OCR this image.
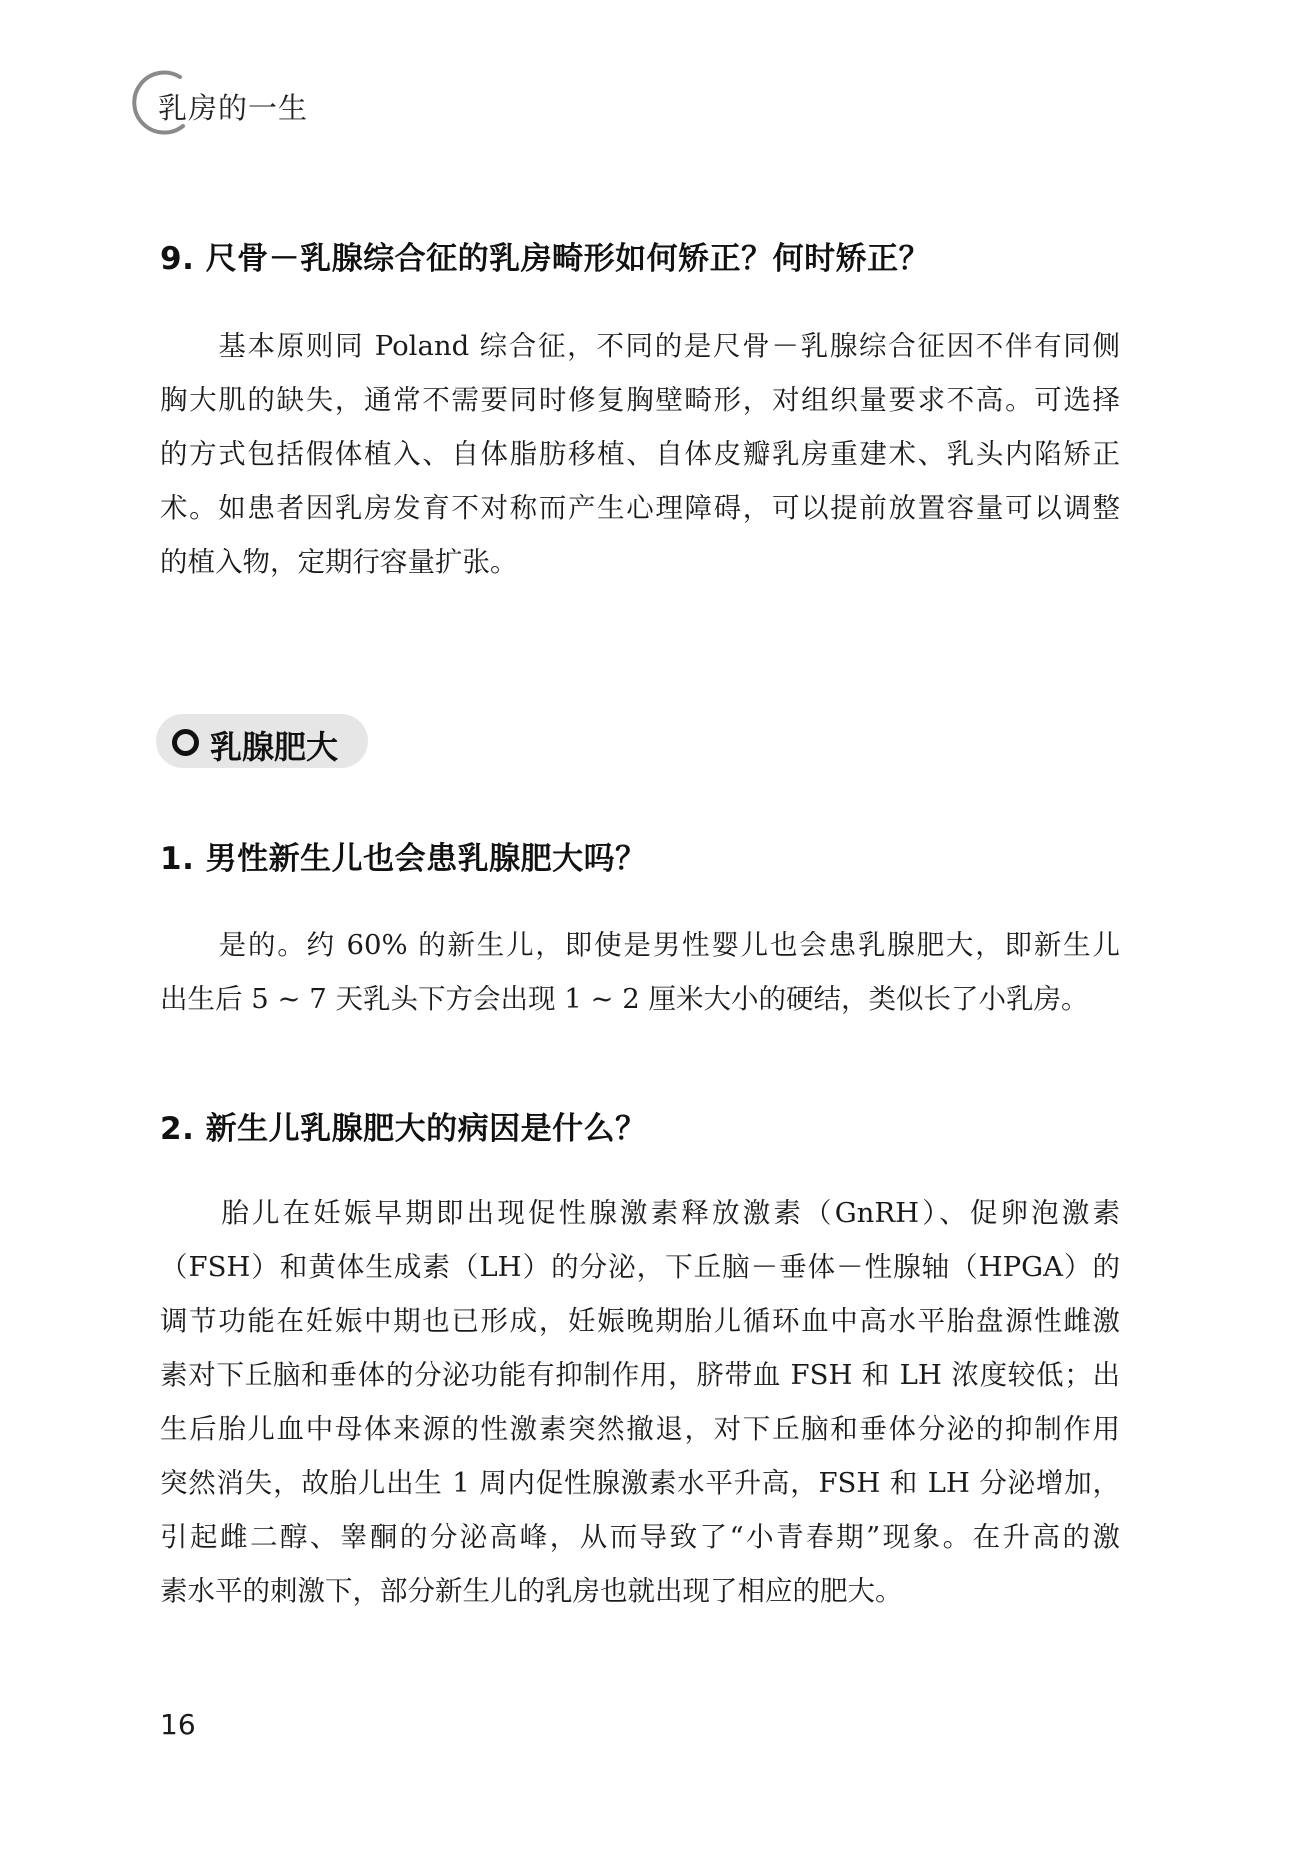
乳房的一生
9. 尺骨－乳腺综合征的乳房畸形如何矫正？何时矫正？
　　基本原则同 Poland 综合征，不同的是尺骨－乳腺综合征因不伴有同侧
胸大肌的缺失，通常不需要同时修复胸壁畸形，对组织量要求不高。可选择
的方式包括假体植入、自体脂肪移植、自体皮瓣乳房重建术、乳头内陷矫正
术。如患者因乳房发育不对称而产生心理障碍，可以提前放置容量可以调整
的植入物，定期行容量扩张。
乳腺肥大
1. 男性新生儿也会患乳腺肥大吗？
　　是的。约 60% 的新生儿，即使是男性婴儿也会患乳腺肥大，即新生儿
出生后 5 ~ 7 天乳头下方会出现 1 ~ 2 厘米大小的硬结，类似长了小乳房。
2. 新生儿乳腺肥大的病因是什么？
　　胎儿在妊娠早期即出现促性腺激素释放激素（GnRH）、促卵泡激素
（FSH）和黄体生成素（LH）的分泌，下丘脑－垂体－性腺轴（HPGA）的
调节功能在妊娠中期也已形成，妊娠晚期胎儿循环血中高水平胎盘源性雌激
素对下丘脑和垂体的分泌功能有抑制作用，脐带血 FSH 和 LH 浓度较低；出
生后胎儿血中母体来源的性激素突然撤退，对下丘脑和垂体分泌的抑制作用
突然消失，故胎儿出生 1 周内促性腺激素水平升高，FSH 和 LH 分泌增加，
引起雌二醇、睾酮的分泌高峰，从而导致了“小青春期”现象。在升高的激
素水平的刺激下，部分新生儿的乳房也就出现了相应的肥大。
16
